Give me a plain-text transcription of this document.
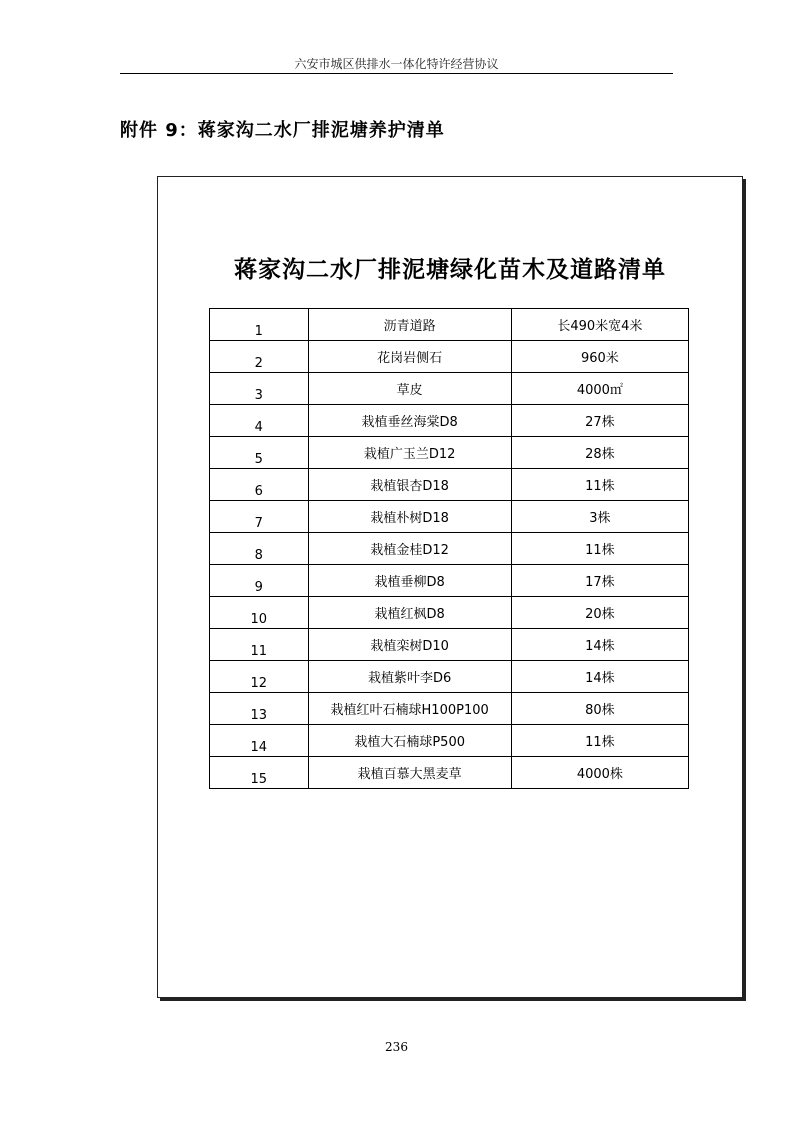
六安市城区供排水一体化特许经营协议
附件 9：蒋家沟二水厂排泥塘养护清单
蒋家沟二水厂排泥塘绿化苗木及道路清单
1	沥青道路	长490米宽4米
2	花岗岩侧石	960米
3	草皮	4000㎡
4	栽植垂丝海棠D8	27株
5	栽植广玉兰D12	28株
6	栽植银杏D18	11株
7	栽植朴树D18	3株
8	栽植金桂D12	11株
9	栽植垂柳D8	17株
10	栽植红枫D8	20株
11	栽植栾树D10	14株
12	栽植紫叶李D6	14株
13	栽植红叶石楠球H100P100	80株
14	栽植大石楠球P500	11株
15	栽植百慕大黑麦草	4000株
236
